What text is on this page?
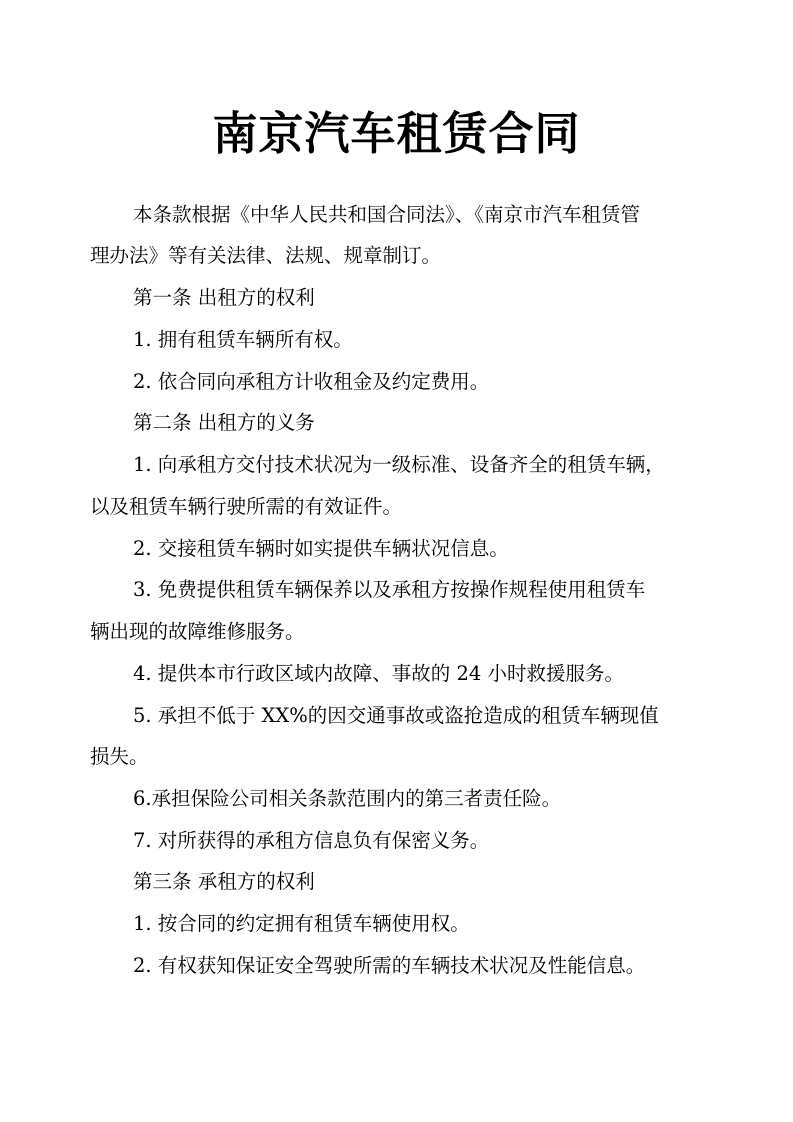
南京汽车租赁合同

本条款根据《中华人民共和国合同法》、《南京市汽车租赁管

理办法》等有关法律、法规、规章制订。

第一条 出租方的权利

1. 拥有租赁车辆所有权。

2. 依合同向承租方计收租金及约定费用。

第二条 出租方的义务

1. 向承租方交付技术状况为一级标准、设备齐全的租赁车辆，

以及租赁车辆行驶所需的有效证件。

2. 交接租赁车辆时如实提供车辆状况信息。

3. 免费提供租赁车辆保养以及承租方按操作规程使用租赁车

辆出现的故障维修服务。

4. 提供本市行政区域内故障、事故的 24 小时救援服务。

5. 承担不低于 XX%的因交通事故或盗抢造成的租赁车辆现值

损失。

6.承担保险公司相关条款范围内的第三者责任险。

7. 对所获得的承租方信息负有保密义务。

第三条 承租方的权利

1. 按合同的约定拥有租赁车辆使用权。

2. 有权获知保证安全驾驶所需的车辆技术状况及性能信息。
